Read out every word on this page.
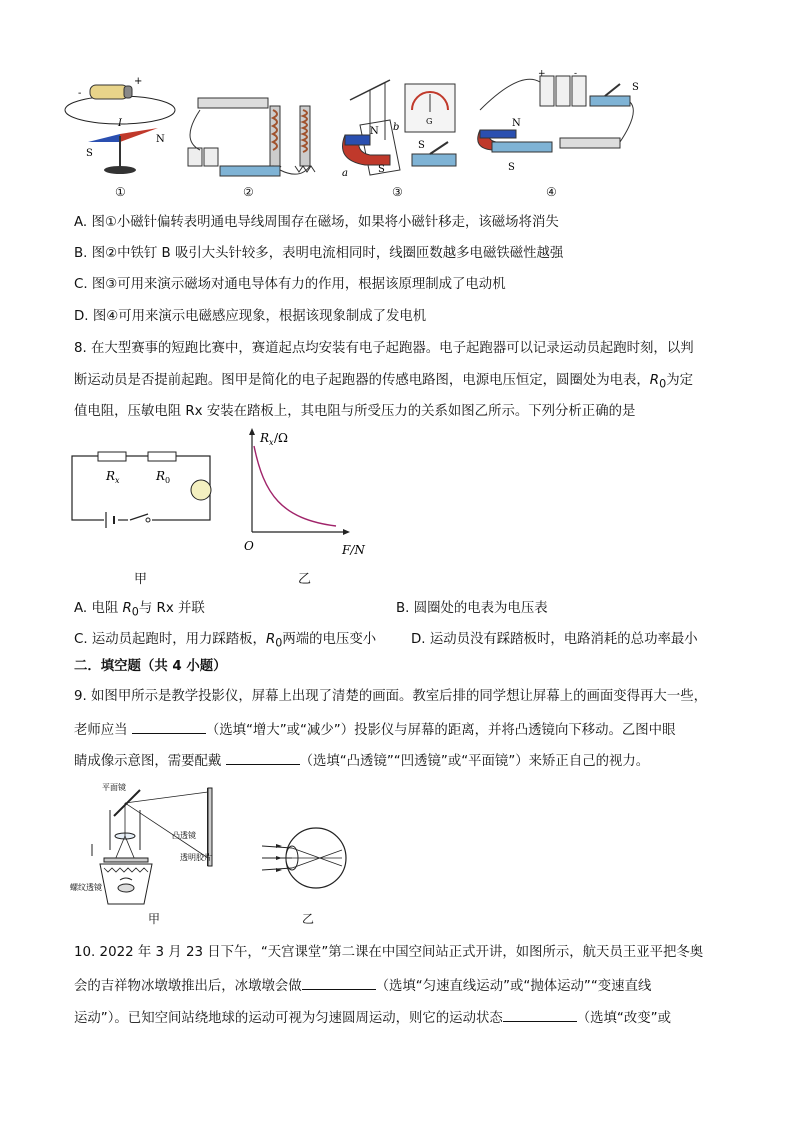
-
+
I
S
N
N b
a	S
G
S
+	-
S
N
S
①	②	③	④
A. 图①小磁针偏转表明通电导线周围存在磁场，如果将小磁针移走，该磁场将消失
B. 图②中铁钉 B 吸引大头针较多，表明电流相同时，线圈匝数越多电磁铁磁性越强
C. 图③可用来演示磁场对通电导体有力的作用，根据该原理制成了电动机
D. 图④可用来演示电磁感应现象，根据该现象制成了发电机
8. 在大型赛事的短跑比赛中，赛道起点均安装有电子起跑器。电子起跑器可以记录运动员起跑时刻，以判
断运动员是否提前起跑。图甲是简化的电子起跑器的传感电路图，电源电压恒定，圆圈处为电表，$R_0$为定
值电阻，压敏电阻 Rx 安装在踏板上，其电阻与所受压力的关系如图乙所示。下列分析正确的是
R x	R 0
R x /Ω
O	F/N
甲	乙
A. 电阻 $R_0$与 Rx 并联	B. 圆圈处的电表为电压表
C. 运动员起跑时，用力踩踏板，$R_0$两端的电压变小	D. 运动员没有踩踏板时，电路消耗的总功率最小
二．填空题（共 4 小题）
9. 如图甲所示是教学投影仪，屏幕上出现了清楚的画面。教室后排的同学想让屏幕上的画面变得再大一些，
老师应当	（选填“增大”或“减少”）投影仪与屏幕的距离，并将凸透镜向下移动。乙图中眼
睛成像示意图，需要配戴	（选填“凸透镜”“凹透镜”或“平面镜”）来矫正自己的视力。
平面镜
凸透镜
透明胶片
螺纹透镜
甲	乙
10. 2022 年 3 月 23 日下午，“天宫课堂”第二课在中国空间站正式开讲，如图所示，航天员王亚平把冬奥
会的吉祥物冰墩墩推出后，冰墩墩会做	（选填“匀速直线运动”或“抛体运动”“变速直线
运动”）。已知空间站绕地球的运动可视为匀速圆周运动，则它的运动状态	（选填“改变”或
